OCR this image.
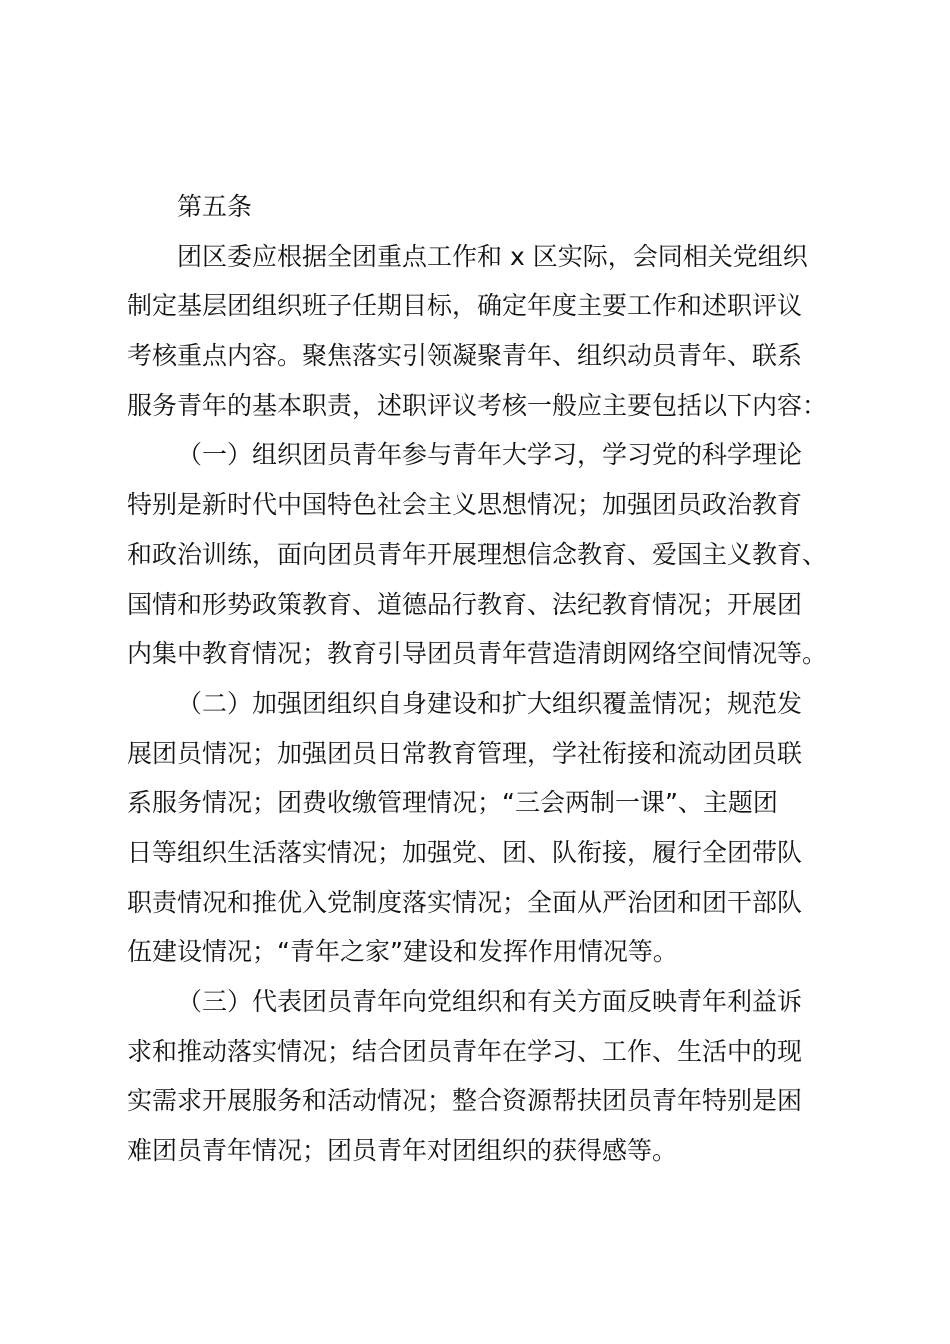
第五条
团区委应根据全团重点工作和 x 区实际，会同相关党组织
制定基层团组织班子任期目标，确定年度主要工作和述职评议
考核重点内容。聚焦落实引领凝聚青年、组织动员青年、联系
服务青年的基本职责，述职评议考核一般应主要包括以下内容：
（一）组织团员青年参与青年大学习，学习党的科学理论
特别是新时代中国特色社会主义思想情况；加强团员政治教育
和政治训练，面向团员青年开展理想信念教育、爱国主义教育、
国情和形势政策教育、道德品行教育、法纪教育情况；开展团
内集中教育情况；教育引导团员青年营造清朗网络空间情况等。
（二）加强团组织自身建设和扩大组织覆盖情况；规范发
展团员情况；加强团员日常教育管理，学社衔接和流动团员联
系服务情况；团费收缴管理情况；“三会两制一课”、主题团
日等组织生活落实情况；加强党、团、队衔接，履行全团带队
职责情况和推优入党制度落实情况；全面从严治团和团干部队
伍建设情况；“青年之家”建设和发挥作用情况等。
（三）代表团员青年向党组织和有关方面反映青年利益诉
求和推动落实情况；结合团员青年在学习、工作、生活中的现
实需求开展服务和活动情况；整合资源帮扶团员青年特别是困
难团员青年情况；团员青年对团组织的获得感等。
